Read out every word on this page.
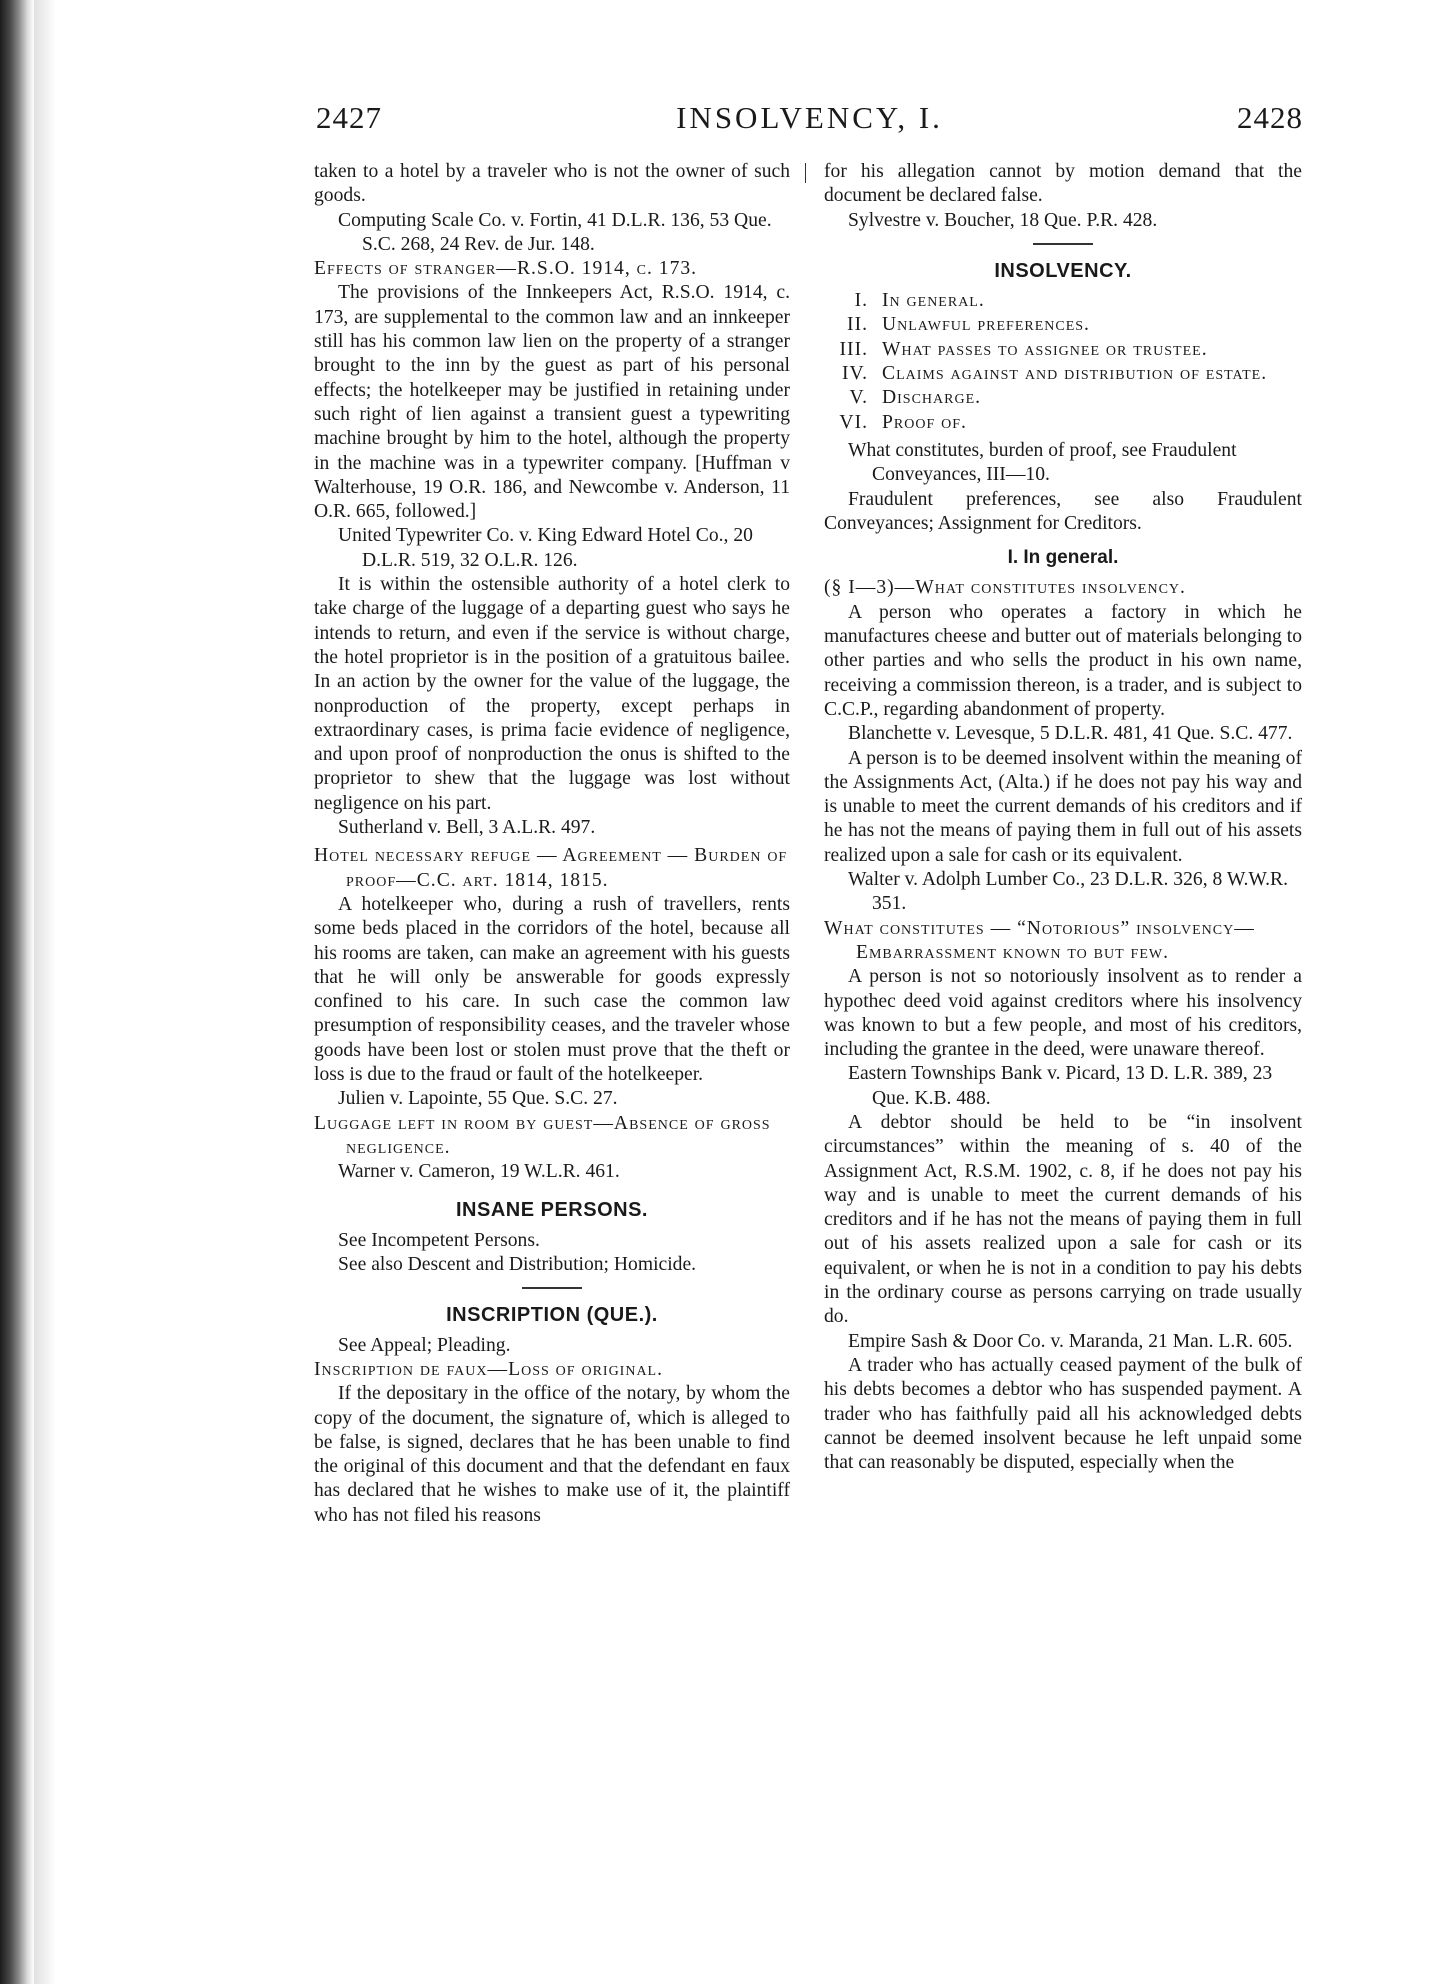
2427	INSOLVENCY, I.	2428

taken to a hotel by a traveler who is not the owner of such goods.

Computing Scale Co. v. Fortin, 41 D.L.R. 136, 53 Que. S.C. 268, 24 Rev. de Jur. 148.

Effects of stranger—R.S.O. 1914, c. 173.

The provisions of the Innkeepers Act, R.S.O. 1914, c. 173, are supplemental to the common law and an innkeeper still has his common law lien on the property of a stranger brought to the inn by the guest as part of his personal effects; the hotelkeeper may be justified in retaining under such right of lien against a transient guest a typewriting machine brought by him to the hotel, although the property in the machine was in a typewriter company. [Huffman v Walterhouse, 19 O.R. 186, and Newcombe v. Anderson, 11 O.R. 665, followed.]

United Typewriter Co. v. King Edward Hotel Co., 20 D.L.R. 519, 32 O.L.R. 126.

It is within the ostensible authority of a hotel clerk to take charge of the luggage of a departing guest who says he intends to return, and even if the service is without charge, the hotel proprietor is in the position of a gratuitous bailee. In an action by the owner for the value of the luggage, the nonproduction of the property, except perhaps in extraordinary cases, is prima facie evidence of negligence, and upon proof of nonproduction the onus is shifted to the proprietor to shew that the luggage was lost without negligence on his part.

Sutherland v. Bell, 3 A.L.R. 497.

Hotel necessary refuge — Agreement — Burden of proof—C.C. art. 1814, 1815.

A hotelkeeper who, during a rush of travellers, rents some beds placed in the corridors of the hotel, because all his rooms are taken, can make an agreement with his guests that he will only be answerable for goods expressly confined to his care. In such case the common law presumption of responsibility ceases, and the traveler whose goods have been lost or stolen must prove that the theft or loss is due to the fraud or fault of the hotelkeeper.

Julien v. Lapointe, 55 Que. S.C. 27.

Luggage left in room by guest—Absence of gross negligence.

Warner v. Cameron, 19 W.L.R. 461.

INSANE PERSONS.

See Incompetent Persons.

See also Descent and Distribution; Homicide.

INSCRIPTION (QUE.).

See Appeal; Pleading.

Inscription de faux—Loss of original.

If the depositary in the office of the notary, by whom the copy of the document, the signature of, which is alleged to be false, is signed, declares that he has been unable to find the original of this document and that the defendant en faux has declared that he wishes to make use of it, the plaintiff who has not filed his reasons

for his allegation cannot by motion demand that the document be declared false.

Sylvestre v. Boucher, 18 Que. P.R. 428.

INSOLVENCY.

I. In general.
II. Unlawful preferences.
III. What passes to assignee or trustee.
IV. Claims against and distribution of estate.
V. Discharge.
VI. Proof of.

What constitutes, burden of proof, see Fraudulent Conveyances, III—10.

Fraudulent preferences, see also Fraudulent Conveyances; Assignment for Creditors.

I. In general.

(§ I—3)—What constitutes insolvency.

A person who operates a factory in which he manufactures cheese and butter out of materials belonging to other parties and who sells the product in his own name, receiving a commission thereon, is a trader, and is subject to C.C.P., regarding abandonment of property.

Blanchette v. Levesque, 5 D.L.R. 481, 41 Que. S.C. 477.

A person is to be deemed insolvent within the meaning of the Assignments Act, (Alta.) if he does not pay his way and is unable to meet the current demands of his creditors and if he has not the means of paying them in full out of his assets realized upon a sale for cash or its equivalent.

Walter v. Adolph Lumber Co., 23 D.L.R. 326, 8 W.W.R. 351.

What constitutes — “Notorious” insolvency—Embarrassment known to but few.

A person is not so notoriously insolvent as to render a hypothec deed void against creditors where his insolvency was known to but a few people, and most of his creditors, including the grantee in the deed, were unaware thereof.

Eastern Townships Bank v. Picard, 13 D. L.R. 389, 23 Que. K.B. 488.

A debtor should be held to be “in insolvent circumstances” within the meaning of s. 40 of the Assignment Act, R.S.M. 1902, c. 8, if he does not pay his way and is unable to meet the current demands of his creditors and if he has not the means of paying them in full out of his assets realized upon a sale for cash or its equivalent, or when he is not in a condition to pay his debts in the ordinary course as persons carrying on trade usually do.

Empire Sash & Door Co. v. Maranda, 21 Man. L.R. 605.

A trader who has actually ceased payment of the bulk of his debts becomes a debtor who has suspended payment. A trader who has faithfully paid all his acknowledged debts cannot be deemed insolvent because he left unpaid some that can reasonably be disputed, especially when the
